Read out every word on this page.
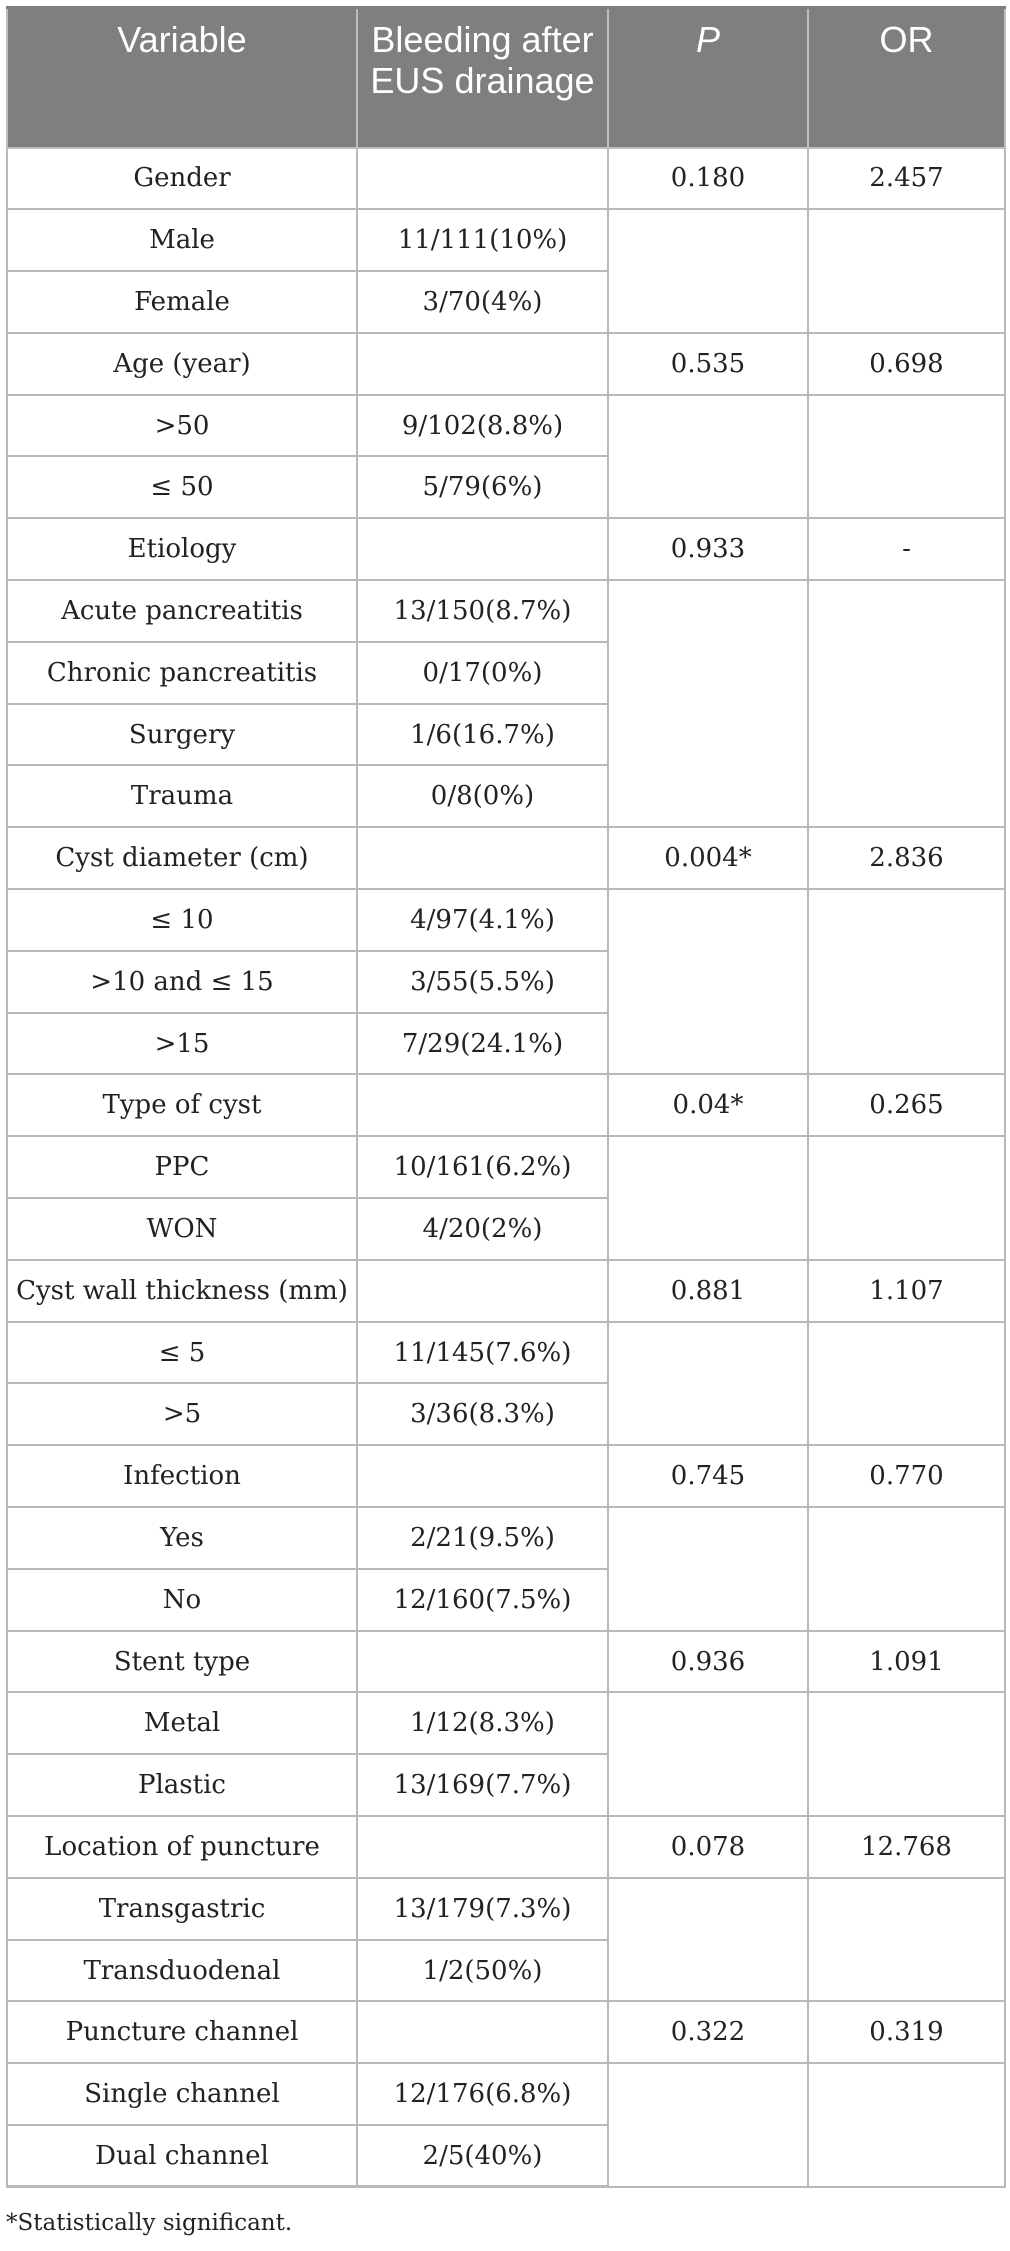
Variable	Bleeding after EUS drainage	P	OR
Gender		0.180	2.457
Male	11/111(10%)		
Female	3/70(4%)		
Age (year)		0.535	0.698
>50	9/102(8.8%)		
≤ 50	5/79(6%)		
Etiology		0.933	-
Acute pancreatitis	13/150(8.7%)		
Chronic pancreatitis	0/17(0%)		
Surgery	1/6(16.7%)		
Trauma	0/8(0%)		
Cyst diameter (cm)		0.004*	2.836
≤ 10	4/97(4.1%)		
>10 and ≤ 15	3/55(5.5%)		
>15	7/29(24.1%)		
Type of cyst		0.04*	0.265
PPC	10/161(6.2%)		
WON	4/20(2%)		
Cyst wall thickness (mm)		0.881	1.107
≤ 5	11/145(7.6%)		
>5	3/36(8.3%)		
Infection		0.745	0.770
Yes	2/21(9.5%)		
No	12/160(7.5%)		
Stent type		0.936	1.091
Metal	1/12(8.3%)		
Plastic	13/169(7.7%)		
Location of puncture		0.078	12.768
Transgastric	13/179(7.3%)		
Transduodenal	1/2(50%)		
Puncture channel		0.322	0.319
Single channel	12/176(6.8%)		
Dual channel	2/5(40%)		
*Statistically significant.
